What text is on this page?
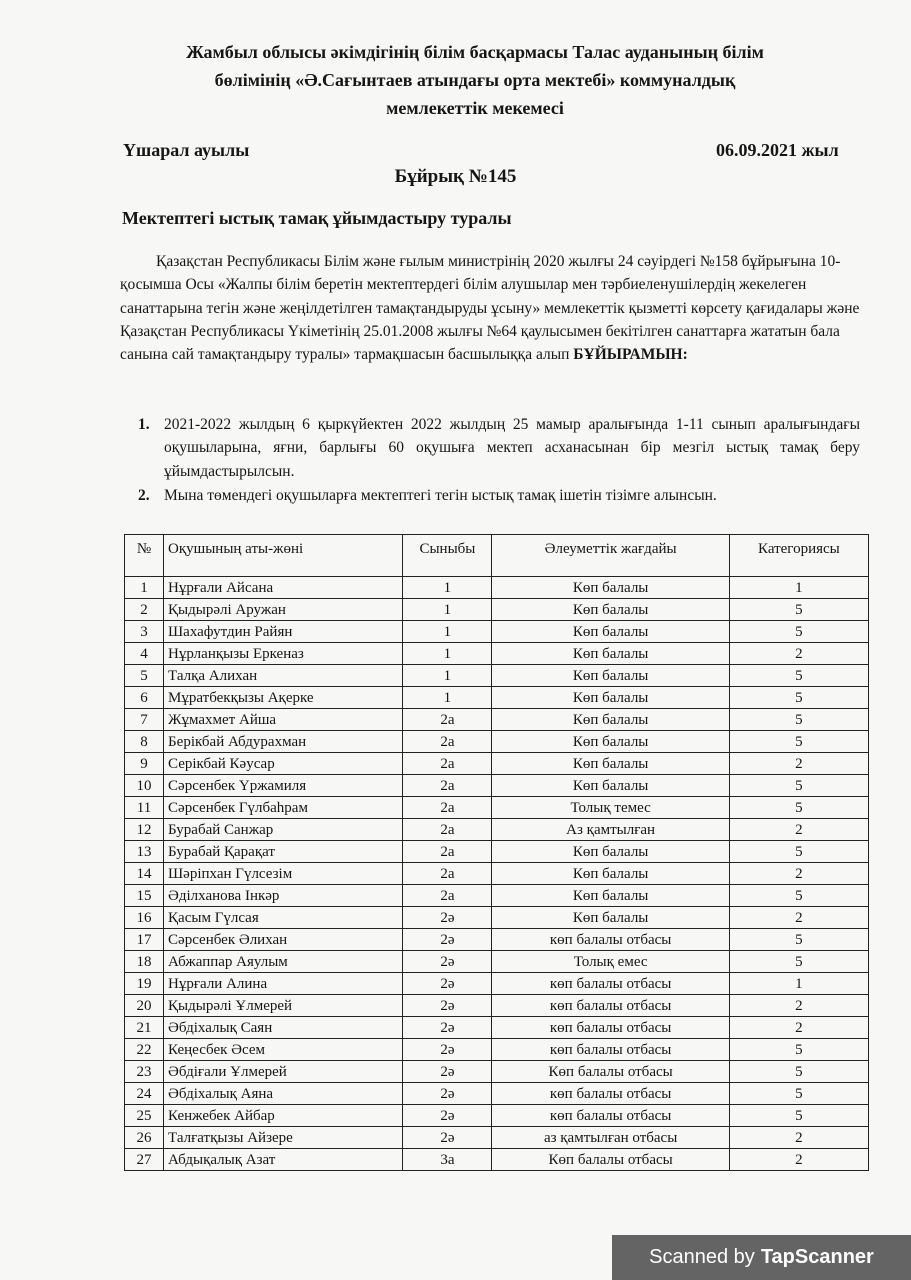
Жамбыл облысы әкімдігінің білім басқармасы Талас ауданының білім
бөлімінің «Ә.Сағынтаев атындағы орта мектебі» коммуналдық
мемлекеттік мекемесі
Үшарал ауылы	06.09.2021 жыл
Бұйрық №145
Мектептегі ыстық тамақ ұйымдастыру туралы
Қазақстан Республикасы Білім және ғылым министрінің 2020 жылғы 24 сәуірдегі №158 бұйрығына 10-қосымша Осы «Жалпы білім беретін мектептердегі білім алушылар мен тәрбиеленушілердің жекелеген санаттарына тегін және жеңілдетілген тамақтандыруды ұсыну» мемлекеттік қызметті көрсету қағидалары және Қазақстан Республикасы Үкіметінің 25.01.2008 жылғы №64 қаулысымен бекітілген санаттарға жататын бала санына сай тамақтандыру туралы» тармақшасын басшылыққа алып БҰЙЫРАМЫН:
1. 2021-2022 жылдың 6 қыркүйектен 2022 жылдың 25 мамыр аралығында 1-11 сынып аралығындағы оқушыларына, яғни, барлығы 60 оқушыға мектеп асханасынан бір мезгіл ыстық тамақ беру ұйымдастырылсын.
2. Мына төмендегі оқушыларға мектептегі тегін ыстық тамақ ішетін тізімге алынсын.
№	Оқушының аты-жөні	Сыныбы	Әлеуметтік жағдайы	Категориясы
1	Нұрғали Айсана	1	Көп балалы	1
2	Қыдырәлі Аружан	1	Көп балалы	5
3	Шахафутдин Райян	1	Көп балалы	5
4	Нұрланқызы Еркеназ	1	Көп балалы	2
5	Талқа Алихан	1	Көп балалы	5
6	Мұратбекқызы Ақерке	1	Көп балалы	5
7	Жұмахмет Айша	2а	Көп балалы	5
8	Берікбай Абдурахман	2а	Көп балалы	5
9	Серікбай Кәусар	2а	Көп балалы	2
10	Сәрсенбек Үржамиля	2а	Көп балалы	5
11	Сәрсенбек Гүлбаһрам	2а	Толық темес	5
12	Бурабай Санжар	2а	Аз қамтылған	2
13	Бурабай Қарақат	2а	Көп балалы	5
14	Шәріпхан Гүлсезім	2а	Көп балалы	2
15	Әділханова Інкәр	2а	Көп балалы	5
16	Қасым Гүлсая	2ә	Көп балалы	2
17	Сәрсенбек Әлихан	2ә	көп балалы отбасы	5
18	Абжаппар Аяулым	2ә	Толық емес	5
19	Нұрғали Алина	2ә	көп балалы отбасы	1
20	Қыдырәлі Ұлмерей	2ә	көп балалы отбасы	2
21	Әбдіхалық Саян	2ә	көп балалы отбасы	2
22	Кеңесбек Әсем	2ә	көп балалы отбасы	5
23	Әбдіғали Ұлмерей	2ә	Көп балалы отбасы	5
24	Әбдіхалық Аяна	2ә	көп балалы отбасы	5
25	Кенжебек Айбар	2ә	көп балалы отбасы	5
26	Талғатқызы Айзере	2ә	аз қамтылған отбасы	2
27	Абдықалық Азат	3а	Көп балалы отбасы	2
Scanned by TapScanner
